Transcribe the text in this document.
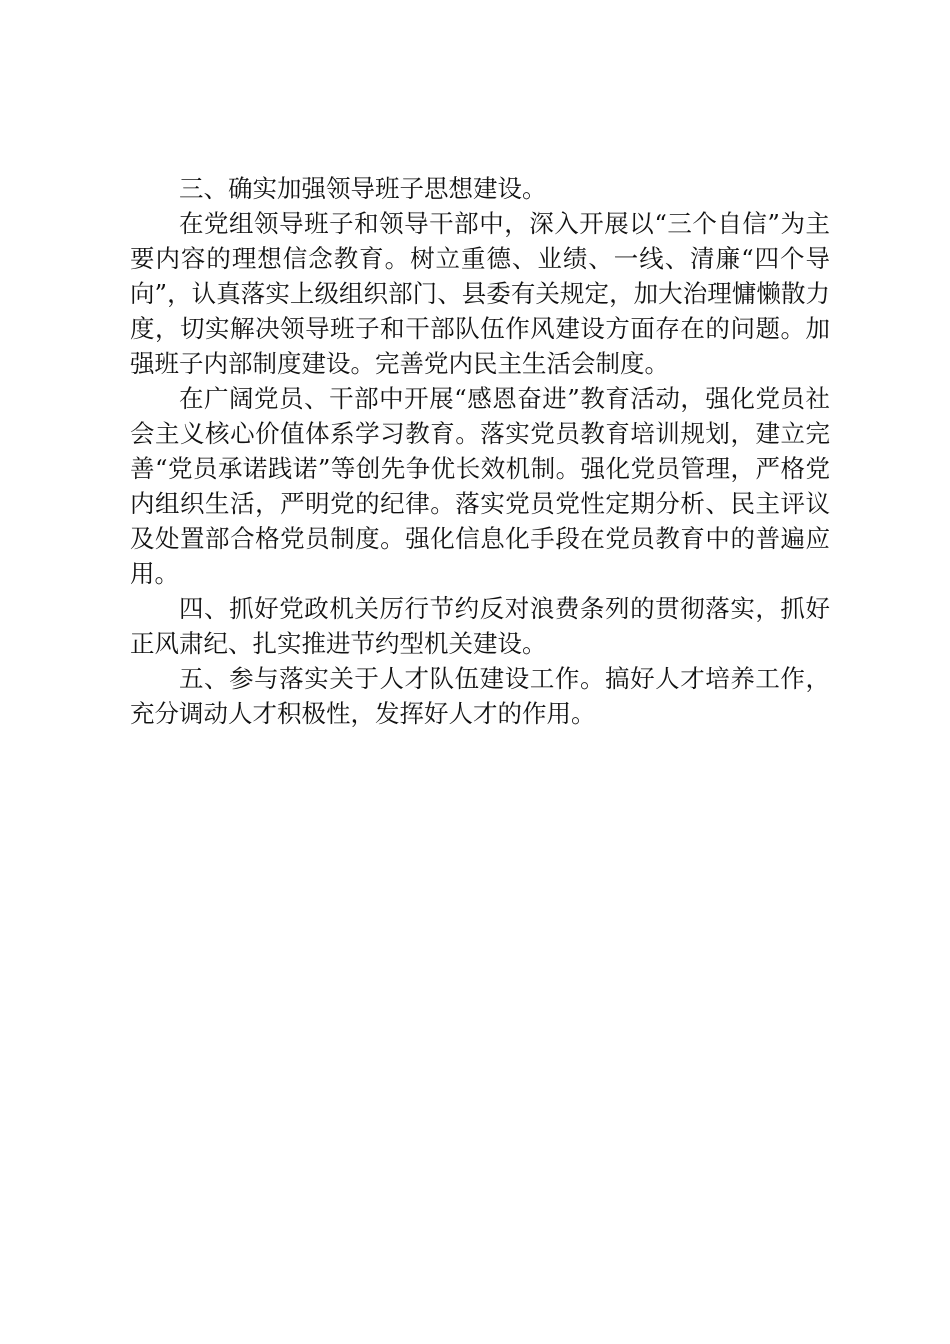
三、确实加强领导班子思想建设。

在党组领导班子和领导干部中，深入开展以“三个自信”为主要内容的理想信念教育。树立重德、业绩、一线、清廉“四个导向”，认真落实上级组织部门、县委有关规定，加大治理慵懒散力度，切实解决领导班子和干部队伍作风建设方面存在的问题。加强班子内部制度建设。完善党内民主生活会制度。

在广阔党员、干部中开展“感恩奋进”教育活动，强化党员社会主义核心价值体系学习教育。落实党员教育培训规划，建立完善“党员承诺践诺”等创先争优长效机制。强化党员管理，严格党内组织生活，严明党的纪律。落实党员党性定期分析、民主评议及处置部合格党员制度。强化信息化手段在党员教育中的普遍应用。

四、抓好党政机关厉行节约反对浪费条列的贯彻落实，抓好正风肃纪、扎实推进节约型机关建设。

五、参与落实关于人才队伍建设工作。搞好人才培养工作，充分调动人才积极性，发挥好人才的作用。
